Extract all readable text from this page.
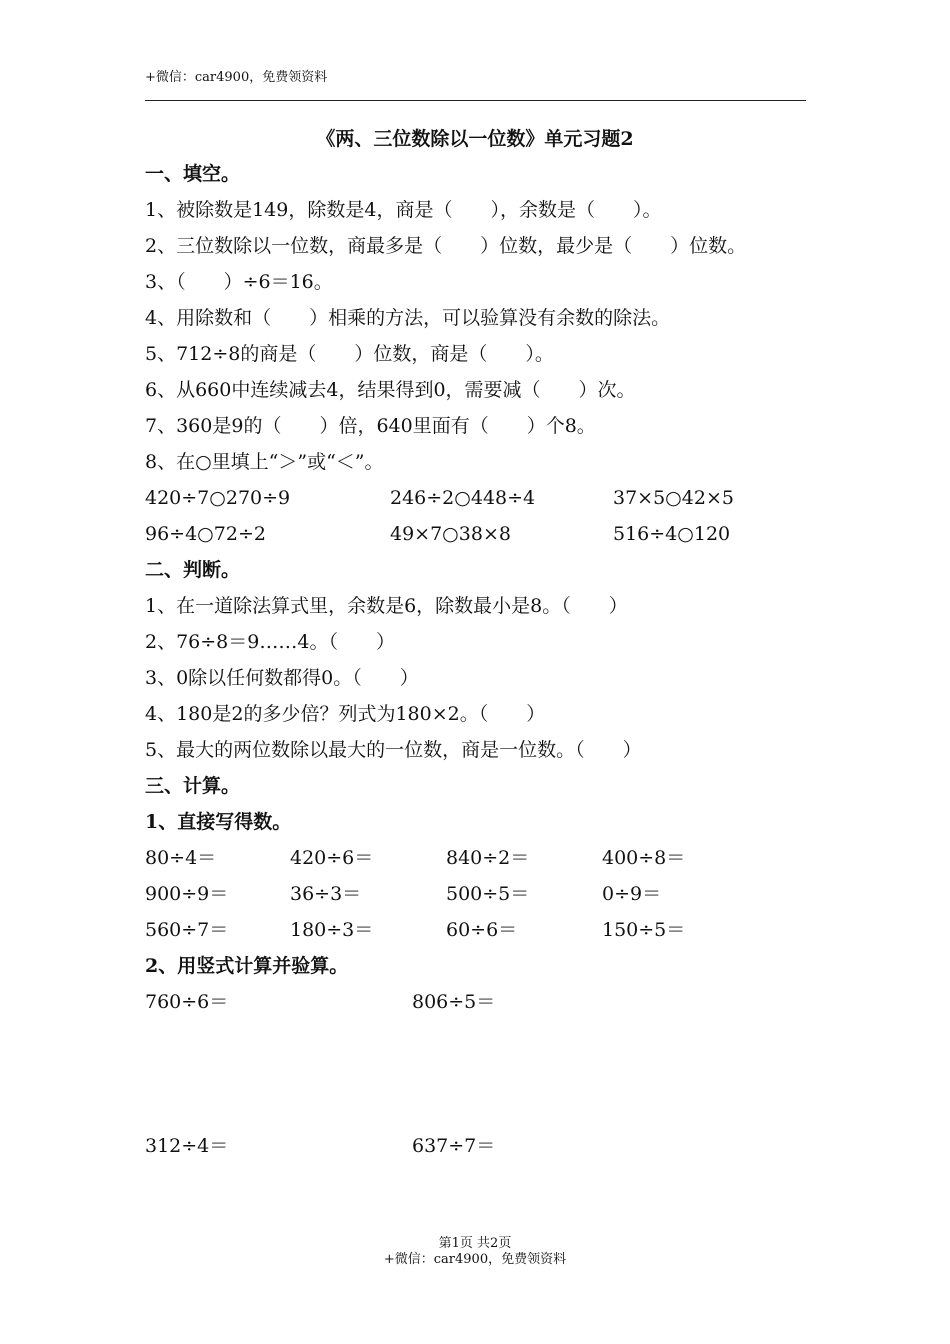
+微信：car4900，免费领资料
《两、三位数除以一位数》单元习题2
一、填空。
1、被除数是149，除数是4，商是（　　），余数是（　　）。
2、三位数除以一位数，商最多是（　　）位数，最少是（　　）位数。
3、（　　）÷6＝16。
4、用除数和（　　）相乘的方法，可以验算没有余数的除法。
5、712÷8的商是（　　）位数，商是（　　）。
6、从660中连续减去4，结果得到0，需要减（　　）次。
7、360是9的（　　）倍，640里面有（　　）个8。
8、在○里填上“＞”或“＜”。
420÷7○270÷9	246÷2○448÷4	37×5○42×5
96÷4○72÷2	49×7○38×8	516÷4○120
二、判断。
1、在一道除法算式里，余数是6，除数最小是8。（　　）
2、76÷8＝9……4。（　　）
3、0除以任何数都得0。（　　）
4、180是2的多少倍？列式为180×2。（　　）
5、最大的两位数除以最大的一位数，商是一位数。（　　）
三、计算。
1、直接写得数。
80÷4＝	420÷6＝	840÷2＝	400÷8＝
900÷9＝	36÷3＝	500÷5＝	0÷9＝
560÷7＝	180÷3＝	60÷6＝	150÷5＝
2、用竖式计算并验算。
760÷6＝	806÷5＝
312÷4＝	637÷7＝
第1页 共2页
+微信：car4900，免费领资料
